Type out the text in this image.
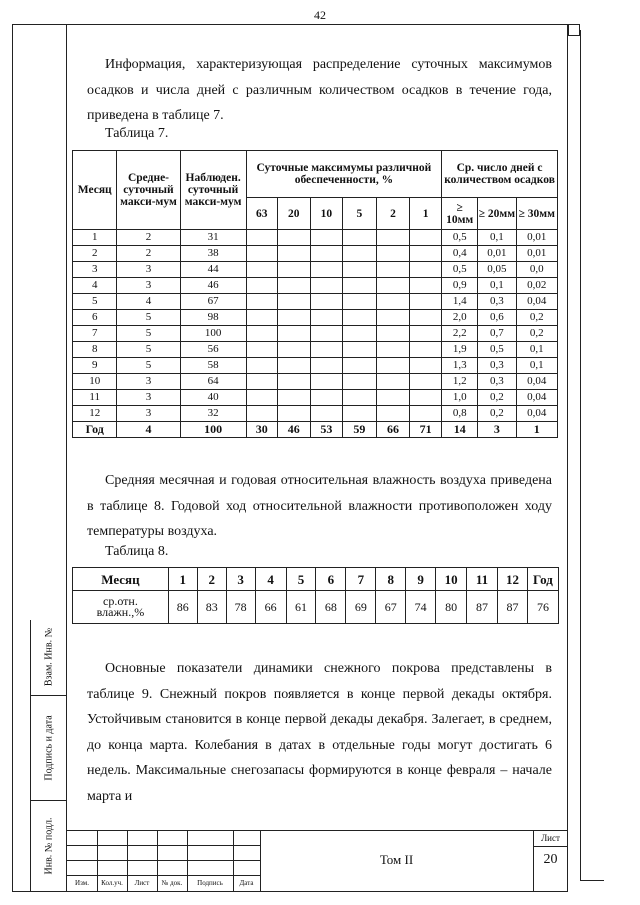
42
Взам. Инв. №
Подпись и дата
Инв. № подл.

Информация, характеризующая распределение суточных максимумов осадков и числа дней с различным количеством осадков в течение года, приведена в таблице 7.

Таблица 7.
Месяц	Средне-суточный макси-мум	Наблюден. суточный макси-мум	Суточные максимумы различной обеспеченности, %						Ср. число дней с количеством осадков		
			63	20	10	5	2	1	≥ 10мм	≥ 20мм	≥ 30мм
1	2	31							0,5	0,1	0,01
2	2	38							0,4	0,01	0,01
3	3	44							0,5	0,05	0,0
4	3	46							0,9	0,1	0,02
5	4	67							1,4	0,3	0,04
6	5	98							2,0	0,6	0,2
7	5	100							2,2	0,7	0,2
8	5	56							1,9	0,5	0,1
9	5	58							1,3	0,3	0,1
10	3	64							1,2	0,3	0,04
11	3	40							1,0	0,2	0,04
12	3	32							0,8	0,2	0,04
Год	4	100	30	46	53	59	66	71	14	3	1

Средняя месячная и годовая относительная влажность воздуха приведена в таблице 8. Годовой ход относительной влажности противоположен ходу температуры воздуха.

Таблица 8.
Месяц	1	2	3	4	5	6	7	8	9	10	11	12	Год
ср.отн. влажн.,%	86	83	78	66	61	68	69	67	74	80	87	87	76

Основные показатели динамики снежного покрова представлены в таблице 9. Снежный покров появляется в конце первой декады октября. Устойчивым становится в конце первой декады декабря. Залегает, в среднем, до конца марта. Колебания в датах в отдельные годы могут достигать 6 недель. Максимальные снегозапасы формируются в конце февраля – начале марта и

Изм.	Кол.уч.	Лист	№ док.	Подпись	Дата
Том II
Лист
20
